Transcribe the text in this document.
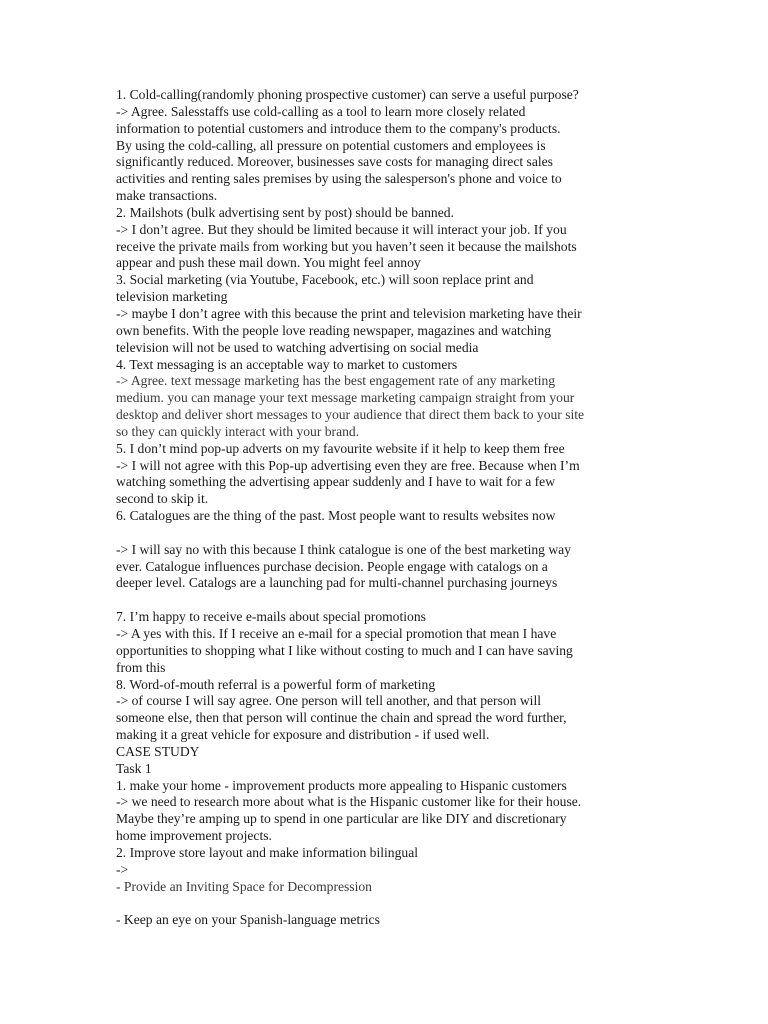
1. Cold-calling(randomly phoning prospective customer) can serve a useful purpose?
-> Agree. Salesstaffs use cold-calling as a tool to learn more closely related
information to potential customers and introduce them to the company's products.
By using the cold-calling, all pressure on potential customers and employees is
significantly reduced. Moreover, businesses save costs for managing direct sales
activities and renting sales premises by using the salesperson's phone and voice to
make transactions.
2. Mailshots (bulk advertising sent by post) should be banned.
-> I don’t agree. But they should be limited because it will interact your job. If you
receive the private mails from working but you haven’t seen it because the mailshots
appear and push these mail down. You might feel annoy
3. Social marketing (via Youtube, Facebook, etc.) will soon replace print and
television marketing
-> maybe I don’t agree with this because the print and television marketing have their
own benefits. With the people love reading newspaper, magazines and watching
television will not be used to watching advertising on social media
4. Text messaging is an acceptable way to market to customers
-> Agree. text message marketing has the best engagement rate of any marketing
medium. you can manage your text message marketing campaign straight from your
desktop and deliver short messages to your audience that direct them back to your site
so they can quickly interact with your brand.
5. I don’t mind pop-up adverts on my favourite website if it help to keep them free
-> I will not agree with this Pop-up advertising even they are free. Because when I’m
watching something the advertising appear suddenly and I have to wait for a few
second to skip it.
6. Catalogues are the thing of the past. Most people want to results websites now
-> I will say no with this because I think catalogue is one of the best marketing way
ever. Catalogue influences purchase decision. People engage with catalogs on a
deeper level. Catalogs are a launching pad for multi-channel purchasing journeys
7. I’m happy to receive e-mails about special promotions
-> A yes with this. If I receive an e-mail for a special promotion that mean I have
opportunities to shopping what I like without costing to much and I can have saving
from this
8. Word-of-mouth referral is a powerful form of marketing
-> of course I will say agree. One person will tell another, and that person will
someone else, then that person will continue the chain and spread the word further,
making it a great vehicle for exposure and distribution - if used well.
CASE STUDY
Task 1
1. make your home - improvement products more appealing to Hispanic customers
-> we need to research more about what is the Hispanic customer like for their house.
Maybe they’re amping up to spend in one particular are like DIY and discretionary
home improvement projects.
2. Improve store layout and make information bilingual
->
- Provide an Inviting Space for Decompression
- Keep an eye on your Spanish-language metrics
